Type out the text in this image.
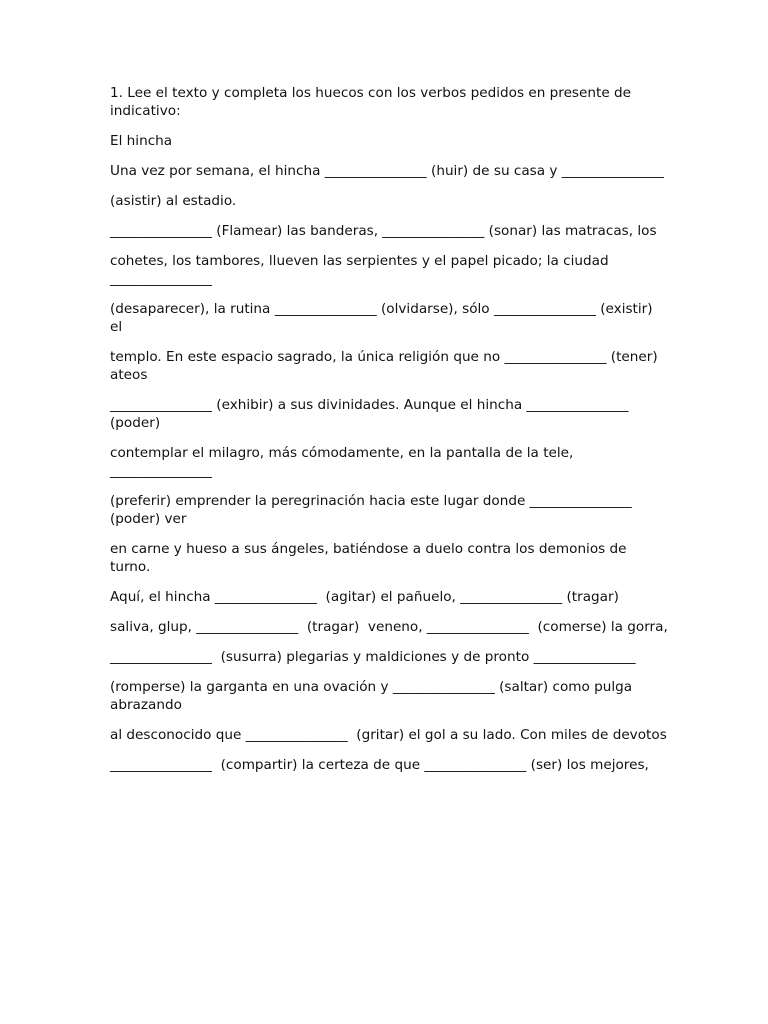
1. Lee el texto y completa los huecos con los verbos pedidos en presente de indicativo:

El hincha

Una vez por semana, el hincha _______________ (huir) de su casa y _______________

(asistir) al estadio.

_______________ (Flamear) las banderas, _______________ (sonar) las matracas, los

cohetes, los tambores, llueven las serpientes y el papel picado; la ciudad _______________

(desaparecer), la rutina _______________ (olvidarse), sólo _______________ (existir)  el

templo. En este espacio sagrado, la única religión que no _______________ (tener) ateos

_______________ (exhibir) a sus divinidades. Aunque el hincha _______________ (poder)

contemplar el milagro, más cómodamente, en la pantalla de la tele, _______________

(preferir) emprender la peregrinación hacia este lugar donde _______________ (poder) ver

en carne y hueso a sus ángeles, batiéndose a duelo contra los demonios de turno.

Aquí, el hincha _______________  (agitar) el pañuelo, _______________ (tragar)

saliva, glup, _______________  (tragar)  veneno, _______________  (comerse) la gorra,

_______________  (susurra) plegarias y maldiciones y de pronto _______________

(romperse) la garganta en una ovación y _______________ (saltar) como pulga abrazando

al desconocido que _______________  (gritar) el gol a su lado. Con miles de devotos

_______________  (compartir) la certeza de que _______________ (ser) los mejores,
